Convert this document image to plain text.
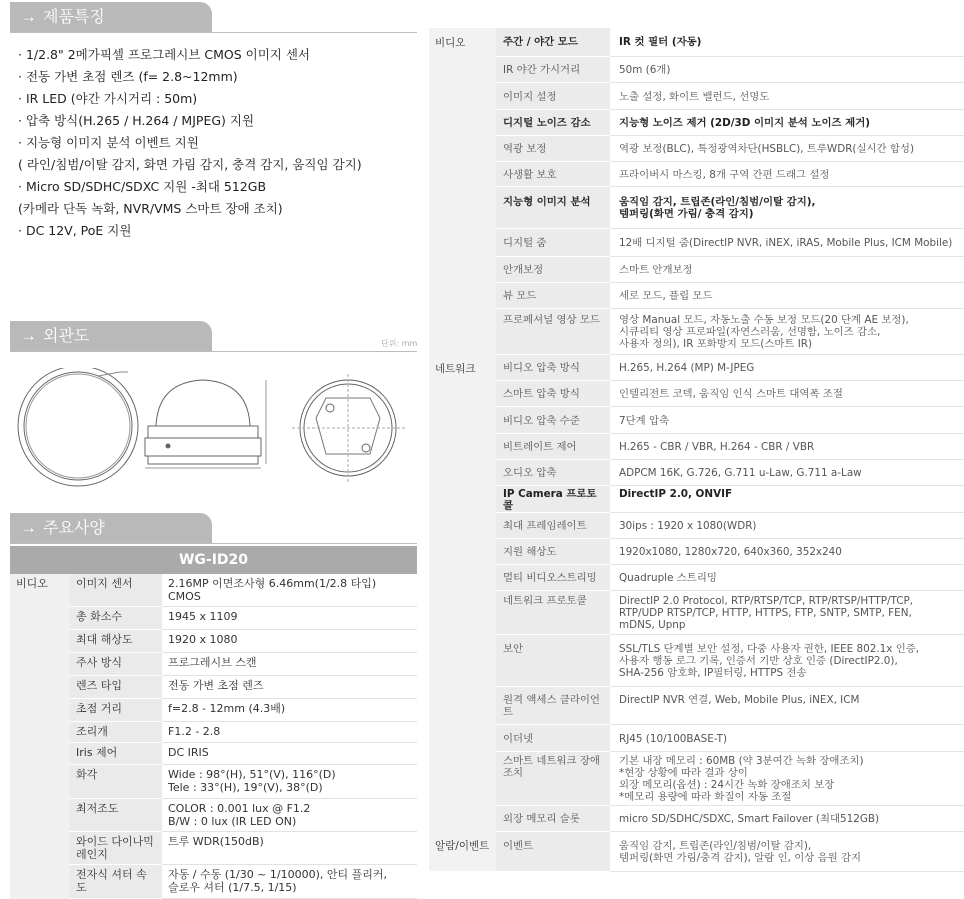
→ 제품특징
· 1/2.8" 2메가픽셀 프로그레시브 CMOS 이미지 센서
· 전동 가변 초점 렌즈 (f= 2.8~12mm)
· IR LED (야간 가시거리 : 50m)
· 압축 방식(H.265 / H.264 / MJPEG) 지원
· 지능형 이미지 분석 이벤트 지원
( 라인/침범/이탈 감지, 화면 가림 감지, 충격 감지, 움직임 감지)
· Micro SD/SDHC/SDXC 지원 -최대 512GB
(카메라 단독 녹화, NVR/VMS 스마트 장애 조치)
· DC 12V, PoE 지원
→ 외관도	단위: mm
→ 주요사양
WG-ID20
비디오	이미지 센서	2.16MP 이면조사형 6.46mm(1/2.8 타입) CMOS

	총 화소수	1945 x 1109

	최대 해상도	1920 x 1080

	주사 방식	프로그레시브 스캔

	렌즈 타입	전동 가변 초점 렌즈

	초점 거리	f=2.8 - 12mm (4.3배)

	조리개	F1.2 - 2.8

	Iris 제어	DC IRIS

	화각	Wide : 98°(H), 51°(V), 116°(D)
Tele : 33°(H), 19°(V), 38°(D)

	최저조도	COLOR : 0.001 lux @ F1.2
B/W : 0 lux (IR LED ON)

	와이드 다이나믹 레인지	트루 WDR(150dB)

	전자식 셔터 속도	자동 / 수동 (1/30 ~ 1/10000), 안티 플리커,
슬로우 셔터 (1/7.5, 1/15)
비디오	주간 / 야간 모드	IR 컷 필터 (자동)

	IR 야간 가시거리	50m (6개)

	이미지 설정	노출 설정, 화이트 밸런드, 선명도

	디지털 노이즈 감소	지능형 노이즈 제거 (2D/3D 이미지 분석 노이즈 제거)

	역광 보정	역광 보정(BLC), 특정광역차단(HSBLC), 트루WDR(실시간 합성)

	사생활 보호	프라이버시 마스킹, 8개 구역 간편 드래그 설정

	지능형 이미지 분석	움직임 감지, 트립존(라인/침범/이탈 감지),
템퍼링(화면 가림/ 충격 감지)

	디지털 줌	12배 디지털 줌(DirectIP NVR, iNEX, iRAS, Mobile Plus, ICM Mobile)

	안개보정	스마트 안개보정

	뷰 모드	세로 모드, 플립 모드

	프로페셔널 영상 모드	영상 Manual 모드, 자동노출 수동 보정 모드(20 단계 AE 보정),
시큐리티 영상 프로파일(자연스러움, 선명함, 노이즈 감소,
사용자 정의), IR 포화방지 모드(스마트 IR)

네트워크	비디오 압축 방식	H.265, H.264 (MP) M-JPEG

	스마트 압축 방식	인텔리전트 코덱, 움직임 인식 스마트 대역폭 조절

	비디오 압축 수준	7단계 압축

	비트레이트 제어	H.265 - CBR / VBR, H.264 - CBR / VBR

	오디오 압축	ADPCM 16K, G.726, G.711 u-Law, G.711 a-Law

	IP Camera 프로토콜	DirectIP 2.0, ONVIF

	최대 프레임레이트	30ips : 1920 x 1080(WDR)

	지원 해상도	1920x1080, 1280x720, 640x360, 352x240

	멀티 비디오스트리밍	Quadruple 스트리밍

	네트워크 프로토콜	DirectIP 2.0 Protocol, RTP/RTSP/TCP, RTP/RTSP/HTTP/TCP,
RTP/UDP RTSP/TCP, HTTP, HTTPS, FTP, SNTP, SMTP, FEN,
mDNS, Upnp

	보안	SSL/TLS 단계별 보안 설정, 다중 사용자 권한, IEEE 802.1x 인증,
사용자 행동 로그 기록, 인증서 기반 상호 인증 (DirectIP2.0),
SHA-256 암호화, IP필터링, HTTPS 전송

	원격 액세스 클라이언트	DirectIP NVR 연결, Web, Mobile Plus, iNEX, ICM

	이더넷	RJ45 (10/100BASE-T)

	스마트 네트워크 장애조치	기본 내장 메모리 : 60MB (약 3분여간 녹화 장애조치)
*현장 상황에 따라 결과 상이
외장 메모리(옵션) : 24시간 녹화 장애조치 보장
*메모리 용량에 따라 화질이 자동 조절

	외장 메모리 슬롯	micro SD/SDHC/SDXC, Smart Failover (최대512GB)

알람/이벤트	이벤트	움직임 감지, 트립존(라인/침범/이탈 감지),
템퍼링(화면 가림/충격 감지), 알람 인, 이상 음원 감지
